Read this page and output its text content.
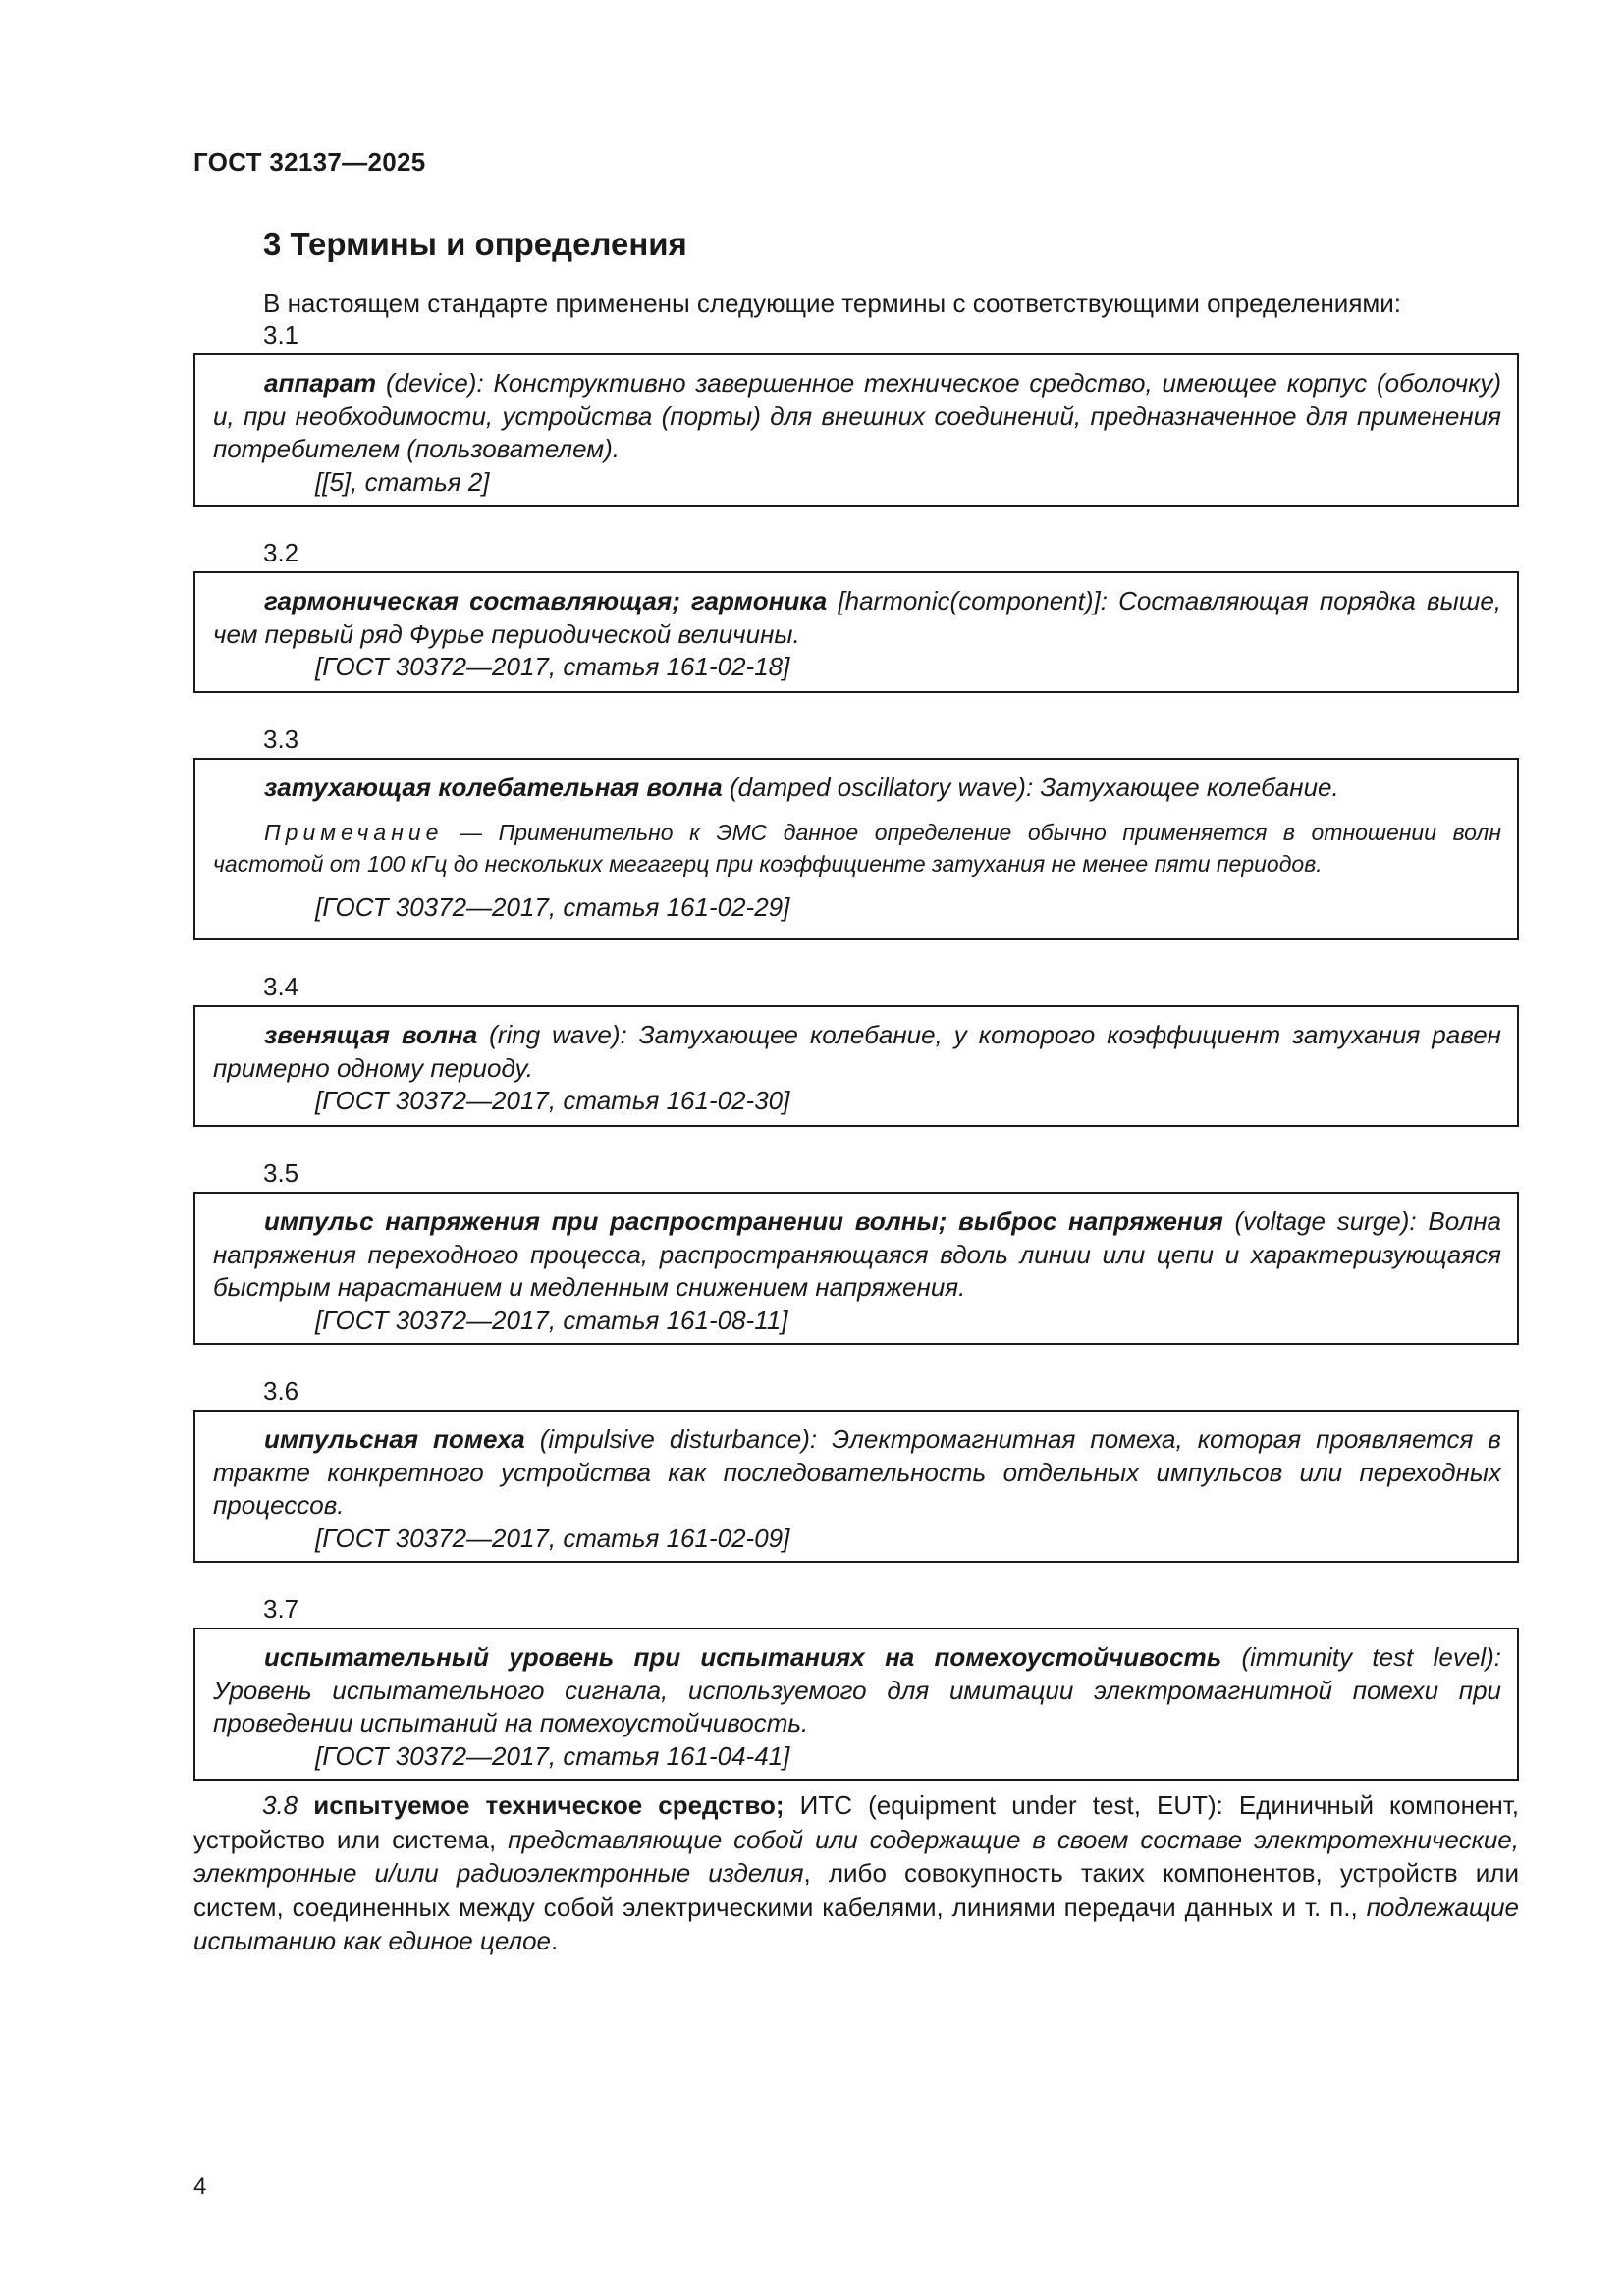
ГОСТ 32137—2025
3 Термины и определения
В настоящем стандарте применены следующие термины с соответствующими определениями:
3.1

аппарат (device): Конструктивно завершенное техническое средство, имеющее корпус (оболочку) и, при необходимости, устройства (порты) для внешних соединений, предназначенное для применения потребителем (пользователем).

[[5], статья 2]

3.2

гармоническая составляющая; гармоника [harmonic(component)]: Составляющая порядка выше, чем первый ряд Фурье периодической величины.

[ГОСТ 30372—2017, статья 161-02-18]

3.3

затухающая колебательная волна (damped oscillatory wave): Затухающее колебание.

Примечание — Применительно к ЭМС данное определение обычно применяется в отношении волн частотой от 100 кГц до нескольких мегагерц при коэффициенте затухания не менее пяти периодов.

[ГОСТ 30372—2017, статья 161-02-29]

3.4

звенящая волна (ring wave): Затухающее колебание, у которого коэффициент затухания равен примерно одному периоду.

[ГОСТ 30372—2017, статья 161-02-30]

3.5

импульс напряжения при распространении волны; выброс напряжения (voltage surge): Волна напряжения переходного процесса, распространяющаяся вдоль линии или цепи и характеризующаяся быстрым нарастанием и медленным снижением напряжения.

[ГОСТ 30372—2017, статья 161-08-11]

3.6

импульсная помеха (impulsive disturbance): Электромагнитная помеха, которая проявляется в тракте конкретного устройства как последовательность отдельных импульсов или переходных процессов.

[ГОСТ 30372—2017, статья 161-02-09]

3.7

испытательный уровень при испытаниях на помехоустойчивость (immunity test level): Уровень испытательного сигнала, используемого для имитации электромагнитной помехи при проведении испытаний на помехоустойчивость.

[ГОСТ 30372—2017, статья 161-04-41]

3.8 испытуемое техническое средство; ИТС (equipment under test, EUT): Единичный компонент, устройство или система, представляющие собой или содержащие в своем составе электротехнические, электронные и/или радиоэлектронные изделия, либо совокупность таких компонентов, устройств или систем, соединенных между собой электрическими кабелями, линиями передачи данных и т. п., подлежащие испытанию как единое целое.

4
